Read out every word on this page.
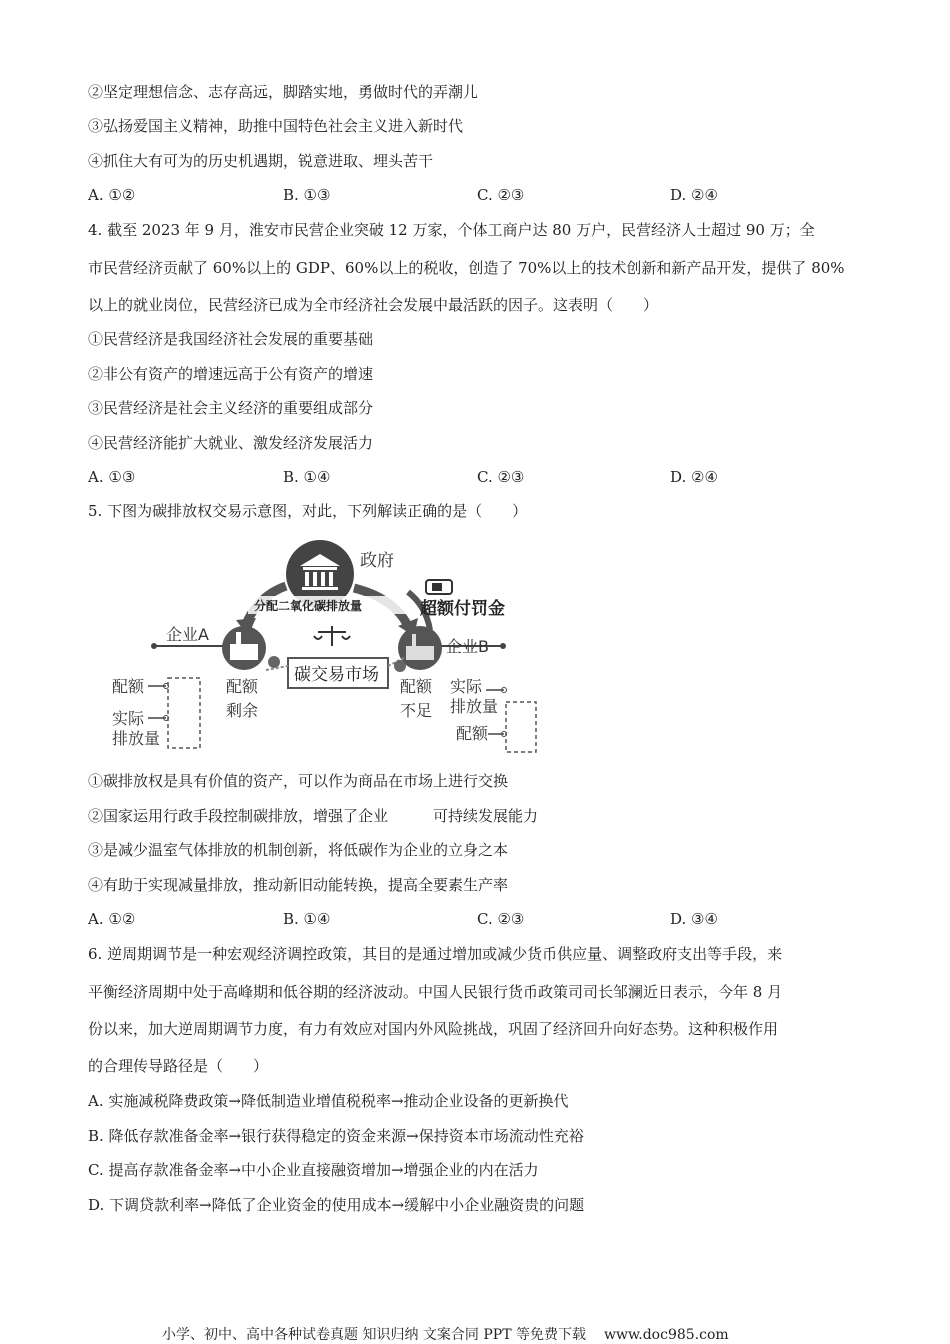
②坚定理想信念、志存高远，脚踏实地，勇做时代的弄潮儿
③弘扬爱国主义精神，助推中国特色社会主义进入新时代
④抓住大有可为的历史机遇期，锐意进取、埋头苦干
A. ①②	B. ①③	C. ②③	D. ②④
4. 截至 2023 年 9 月，淮安市民营企业突破 12 万家，个体工商户达 80 万户，民营经济人士超过 90 万；全
市民营经济贡献了 60%以上的 GDP、60%以上的税收，创造了 70%以上的技术创新和新产品开发，提供了 80%
以上的就业岗位，民营经济已成为全市经济社会发展中最活跃的因子。这表明（　　）
①民营经济是我国经济社会发展的重要基础
②非公有资产的增速远高于公有资产的增速
③民营经济是社会主义经济的重要组成部分
④民营经济能扩大就业、激发经济发展活力
A. ①③	B. ①④	C. ②③	D. ②④
5. 下图为碳排放权交易示意图，对此，下列解读正确的是（　　）
政府
分配二氧化碳排放量	超额付罚金
企业A
企业B
碳交易市场
配额
剩余
配额
不足
配额
实际
排放量
实际
排放量
配额
①碳排放权是具有价值的资产，可以作为商品在市场上进行交换
②国家运用行政手段控制碳排放，增强了企业　　　可持续发展能力
③是减少温室气体排放的机制创新，将低碳作为企业的立身之本
④有助于实现减量排放，推动新旧动能转换，提高全要素生产率
A. ①②	B. ①④	C. ②③	D. ③④
6. 逆周期调节是一种宏观经济调控政策，其目的是通过增加或减少货币供应量、调整政府支出等手段，来
平衡经济周期中处于高峰期和低谷期的经济波动。中国人民银行货币政策司司长邹澜近日表示，今年 8 月
份以来，加大逆周期调节力度，有力有效应对国内外风险挑战，巩固了经济回升向好态势。这种积极作用
的合理传导路径是（　　）
A. 实施减税降费政策→降低制造业增值税税率→推动企业设备的更新换代
B. 降低存款准备金率→银行获得稳定的资金来源→保持资本市场流动性充裕
C. 提高存款准备金率→中小企业直接融资增加→增强企业的内在活力
D. 下调贷款利率→降低了企业资金的使用成本→缓解中小企业融资贵的问题
小学、初中、高中各种试卷真题 知识归纳 文案合同 PPT 等免费下载 www.doc985.com
